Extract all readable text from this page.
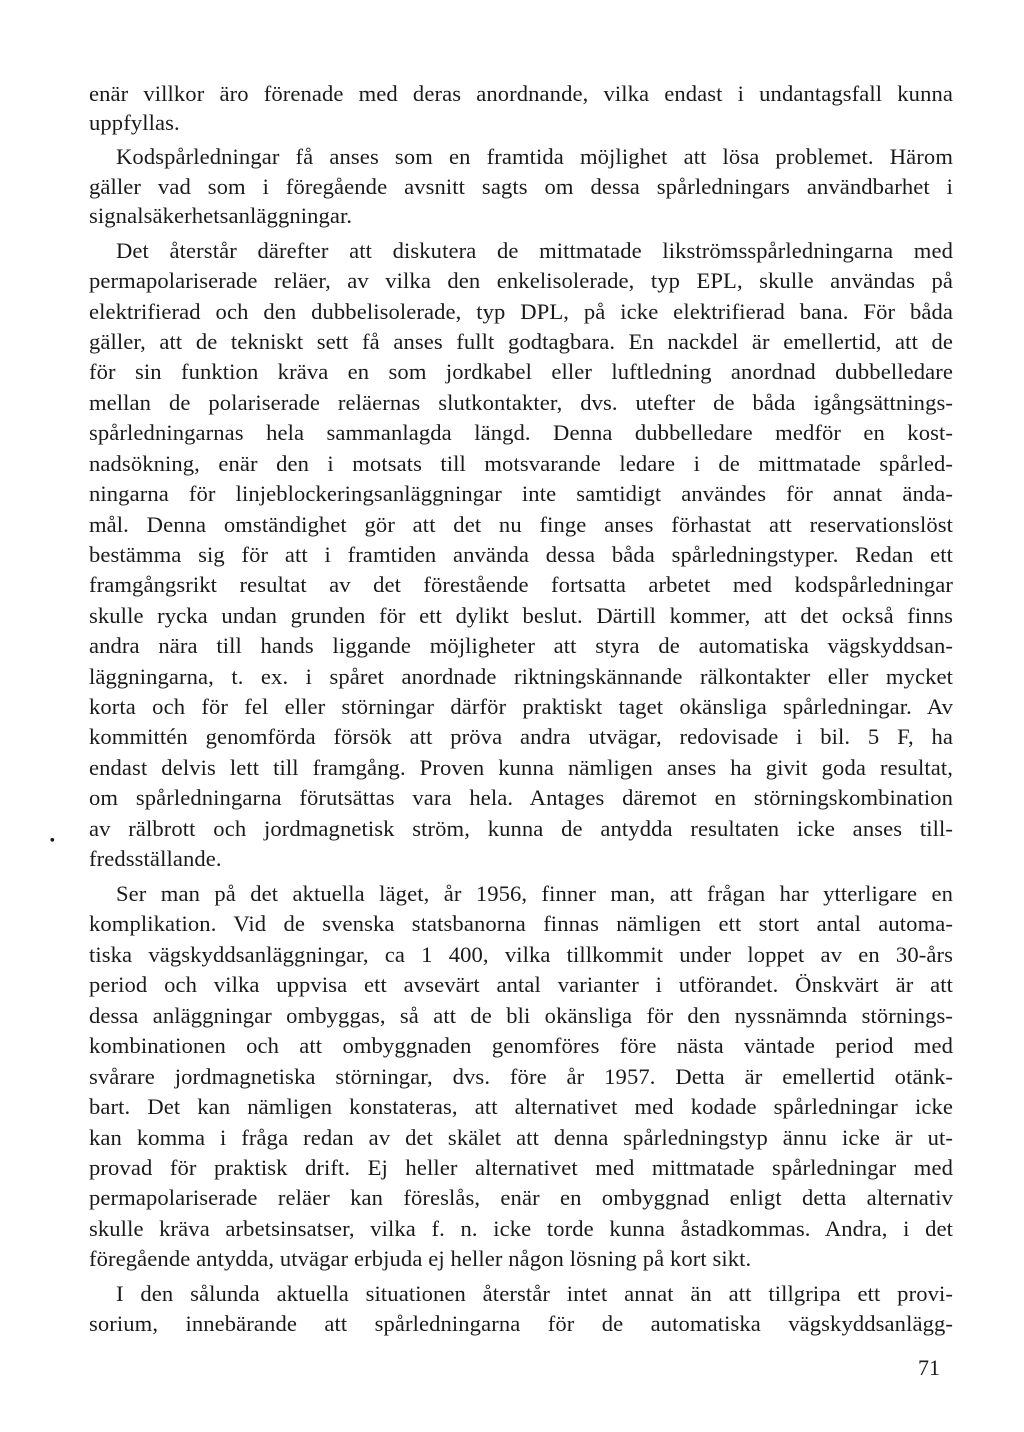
enär villkor äro förenade med deras anordnande, vilka endast i undantagsfall kunna
uppfyllas.
Kodspårledningar få anses som en framtida möjlighet att lösa problemet. Härom
gäller vad som i föregående avsnitt sagts om dessa spårledningars användbarhet i
signalsäkerhetsanläggningar.
Det återstår därefter att diskutera de mittmatade likströmsspårledningarna med
permapolariserade reläer, av vilka den enkelisolerade, typ EPL, skulle användas på
elektrifierad och den dubbelisolerade, typ DPL, på icke elektrifierad bana. För båda
gäller, att de tekniskt sett få anses fullt godtagbara. En nackdel är emellertid, att de
för sin funktion kräva en som jordkabel eller luftledning anordnad dubbelledare
mellan de polariserade reläernas slutkontakter, dvs. utefter de båda igångsättnings-
spårledningarnas hela sammanlagda längd. Denna dubbelledare medför en kost-
nadsökning, enär den i motsats till motsvarande ledare i de mittmatade spårled-
ningarna för linjeblockeringsanläggningar inte samtidigt användes för annat ända-
mål. Denna omständighet gör att det nu finge anses förhastat att reservationslöst
bestämma sig för att i framtiden använda dessa båda spårledningstyper. Redan ett
framgångsrikt resultat av det förestående fortsatta arbetet med kodspårledningar
skulle rycka undan grunden för ett dylikt beslut. Därtill kommer, att det också finns
andra nära till hands liggande möjligheter att styra de automatiska vägskyddsan-
läggningarna, t. ex. i spåret anordnade riktningskännande rälkontakter eller mycket
korta och för fel eller störningar därför praktiskt taget okänsliga spårledningar. Av
kommittén genomförda försök att pröva andra utvägar, redovisade i bil. 5 F, ha
endast delvis lett till framgång. Proven kunna nämligen anses ha givit goda resultat,
om spårledningarna förutsättas vara hela. Antages däremot en störningskombination
av rälbrott och jordmagnetisk ström, kunna de antydda resultaten icke anses till-
fredsställande.
Ser man på det aktuella läget, år 1956, finner man, att frågan har ytterligare en
komplikation. Vid de svenska statsbanorna finnas nämligen ett stort antal automa-
tiska vägskyddsanläggningar, ca 1 400, vilka tillkommit under loppet av en 30-års
period och vilka uppvisa ett avsevärt antal varianter i utförandet. Önskvärt är att
dessa anläggningar ombyggas, så att de bli okänsliga för den nyssnämnda störnings-
kombinationen och att ombyggnaden genomföres före nästa väntade period med
svårare jordmagnetiska störningar, dvs. före år 1957. Detta är emellertid otänk-
bart. Det kan nämligen konstateras, att alternativet med kodade spårledningar icke
kan komma i fråga redan av det skälet att denna spårledningstyp ännu icke är ut-
provad för praktisk drift. Ej heller alternativet med mittmatade spårledningar med
permapolariserade reläer kan föreslås, enär en ombyggnad enligt detta alternativ
skulle kräva arbetsinsatser, vilka f. n. icke torde kunna åstadkommas. Andra, i det
föregående antydda, utvägar erbjuda ej heller någon lösning på kort sikt.
I den sålunda aktuella situationen återstår intet annat än att tillgripa ett provi-
sorium, innebärande att spårledningarna för de automatiska vägskyddsanlägg-
•
71
